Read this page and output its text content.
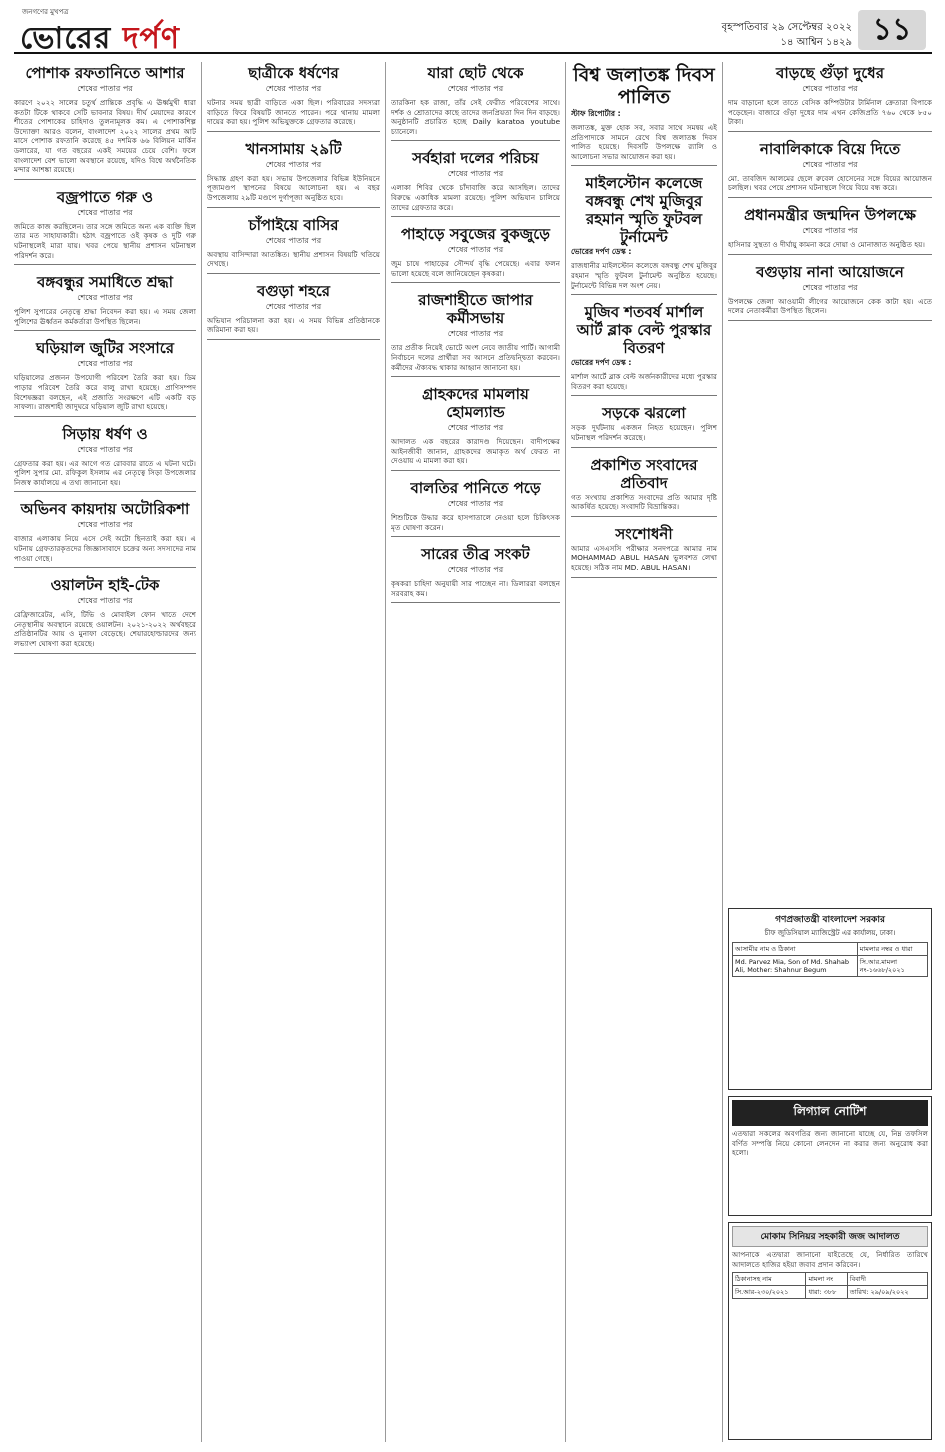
জনগণের মুখপত্র
ভোরের দর্পণ	বৃহস্পতিবার ২৯ সেপ্টেম্বর ২০২২
১৪ আশ্বিন ১৪২৯ ১১
পোশাক রফতানিতে আশার
শেষের পাতার পর
কারণে ২০২২ সালের চতুর্থ প্রান্তিকে প্রবৃদ্ধি এ ঊর্ধ্বমুখী ধারা কতটা টিকে থাকবে সেটি ভাবনার বিষয়। দীর্ঘ মেয়াদের কারণে শীতের পোশাকের চাহিদাও তুলনামূলক কম। এ পোশাকশিল্প উদ্যোক্তা আরও বলেন, বাংলাদেশ ২০২২ সালের প্রথম আট মাসে পোশাক রফতানি করেছে ৪৫ দশমিক ৬৬ বিলিয়ন মার্কিন ডলারের, যা গত বছরের একই সময়ের চেয়ে বেশি। ফলে বাংলাদেশ বেশ ভালো অবস্থানে রয়েছে, যদিও বিশ্বে অর্থনৈতিক মন্দার আশঙ্কা রয়েছে।
বজ্রপাতে গরু ও
শেষের পাতার পর
জমিতে কাজ করছিলেন। তার সঙ্গে জমিতে অন্য এক ব্যক্তি ছিল তার মত সাহায্যকারী। হঠাৎ বজ্রপাতে ওই কৃষক ও দুটি গরু ঘটনাস্থলেই মারা যায়। খবর পেয়ে স্থানীয় প্রশাসন ঘটনাস্থল পরিদর্শন করে।
বঙ্গবন্ধুর সমাধিতে শ্রদ্ধা
শেষের পাতার পর
পুলিশ সুপারের নেতৃত্বে শ্রদ্ধা নিবেদন করা হয়। এ সময় জেলা পুলিশের ঊর্ধ্বতন কর্মকর্তারা উপস্থিত ছিলেন।
ঘড়িয়াল জুটির সংসারে
শেষের পাতার পর
ঘড়িয়ালের প্রজনন উপযোগী পরিবেশ তৈরি করা হয়। ডিম পাড়ার পরিবেশ তৈরি করে বালু রাখা হয়েছে। প্রাণিসম্পদ বিশেষজ্ঞরা বলছেন, এই প্রজাতি সংরক্ষণে এটি একটি বড় সাফল্য। রাজশাহী জাদুঘরে ঘড়িয়াল জুটি রাখা হয়েছে।
সিড়ায় ধর্ষণ ও
শেষের পাতার পর
গ্রেফতার করা হয়। এর আগে গত রোববার রাতে এ ঘটনা ঘটে। পুলিশ সুপার মো. রফিকুল ইসলাম এর নেতৃত্বে সিড়া উপজেলার নিজস্ব কার্যালয়ে এ তথ্য জানানো হয়।
অভিনব কায়দায় অটোরিকশা
শেষের পাতার পর
বাজার এলাকায় নিয়ে এসে সেই অটো ছিনতাই করা হয়। এ ঘটনায় গ্রেফতারকৃতদের জিজ্ঞাসাবাদে চক্রের অন্য সদস্যদের নাম পাওয়া গেছে।
ওয়ালটন হাই-টেক
শেষের পাতার পর
রেফ্রিজারেটর, এসি, টিভি ও মোবাইল ফোন খাতে দেশে নেতৃস্থানীয় অবস্থানে রয়েছে ওয়ালটন। ২০২১-২০২২ অর্থবছরে প্রতিষ্ঠানটির আয় ও মুনাফা বেড়েছে। শেয়ারহোল্ডারদের জন্য লভ্যাংশ ঘোষণা করা হয়েছে।
ছাত্রীকে ধর্ষণের
শেষের পাতার পর
ঘটনার সময় ছাত্রী বাড়িতে একা ছিল। পরিবারের সদস্যরা বাড়িতে ফিরে বিষয়টি জানতে পারেন। পরে থানায় মামলা দায়ের করা হয়। পুলিশ অভিযুক্তকে গ্রেফতার করেছে।
খানসামায় ২৯টি
শেষের পাতার পর
সিদ্ধান্ত গ্রহণ করা হয়। সভায় উপজেলার বিভিন্ন ইউনিয়নে পূজামণ্ডপ স্থাপনের বিষয়ে আলোচনা হয়। এ বছর উপজেলায় ২৯টি মণ্ডপে দুর্গাপূজা অনুষ্ঠিত হবে।
চাঁপাইয়ে বাসির
শেষের পাতার পর
অবস্থায় বাসিন্দারা আতঙ্কিত। স্থানীয় প্রশাসন বিষয়টি খতিয়ে দেখছে।
বগুড়া শহরে
শেষের পাতার পর
অভিযান পরিচালনা করা হয়। এ সময় বিভিন্ন প্রতিষ্ঠানকে জরিমানা করা হয়।
যারা ছোট থেকে
শেষের পাতার পর
তারকিনা হক রাজা, তাঁর সেই ফেরীত পরিবেশের সাথে। দর্শক ও শ্রোতাদের কাছে তাদের জনপ্রিয়তা দিন দিন বাড়ছে। অনুষ্ঠানটি প্রচারিত হচ্ছে Daily karatoa youtube চ্যানেলে।
সর্বহারা দলের পরিচয়
শেষের পাতার পর
এলাকা শিবির থেকে চাঁদাবাজি করে আসছিল। তাদের বিরুদ্ধে একাধিক মামলা রয়েছে। পুলিশ অভিযান চালিয়ে তাদের গ্রেফতার করে।
পাহাড়ে সবুজের বুকজুড়ে
শেষের পাতার পর
জুম চাষে পাহাড়ের সৌন্দর্য বৃদ্ধি পেয়েছে। এবার ফলন ভালো হয়েছে বলে জানিয়েছেন কৃষকরা।
রাজশাহীতে জাপার কর্মীসভায়
শেষের পাতার পর
তার প্রতীক নিয়েই ভোটে অংশ নেবে জাতীয় পার্টি। আগামী নির্বাচনে দলের প্রার্থীরা সব আসনে প্রতিদ্বন্দ্বিতা করবেন। কর্মীদের ঐক্যবদ্ধ থাকার আহ্বান জানানো হয়।
গ্রাহকদের মামলায় হোমল্যান্ড
শেষের পাতার পর
আদালত এক বছরের কারাদণ্ড দিয়েছেন। বাদীপক্ষের আইনজীবী জানান, গ্রাহকদের জমাকৃত অর্থ ফেরত না দেওয়ায় এ মামলা করা হয়।
বালতির পানিতে পড়ে
শেষের পাতার পর
শিশুটিকে উদ্ধার করে হাসপাতালে নেওয়া হলে চিকিৎসক মৃত ঘোষণা করেন।
সারের তীব্র সংকট
শেষের পাতার পর
কৃষকরা চাহিদা অনুযায়ী সার পাচ্ছেন না। ডিলাররা বলছেন সরবরাহ কম।
বিশ্ব জলাতঙ্ক দিবস পালিত
স্টাফ রিপোর্টার :
জলাতঙ্ক, মুক্ত হোক সব, সবার সাথে সমন্বয় এই প্রতিপাদ্যকে সামনে রেখে বিশ্ব জলাতঙ্ক দিবস পালিত হয়েছে। দিবসটি উপলক্ষে র‍্যালি ও আলোচনা সভার আয়োজন করা হয়।
মাইলস্টোন কলেজে বঙ্গবন্ধু শেখ মুজিবুর রহমান স্মৃতি ফুটবল টুর্নামেন্ট
ভোরের দর্পণ ডেস্ক :
রাজধানীর মাইলস্টোন কলেজে বঙ্গবন্ধু শেখ মুজিবুর রহমান স্মৃতি ফুটবল টুর্নামেন্ট অনুষ্ঠিত হয়েছে। টুর্নামেন্টে বিভিন্ন দল অংশ নেয়।
মুজিব শতবর্ষ মার্শাল আর্ট ব্লাক বেল্ট পুরস্কার বিতরণ
ভোরের দর্পণ ডেস্ক :
মার্শাল আর্টে ব্লাক বেল্ট অর্জনকারীদের মধ্যে পুরস্কার বিতরণ করা হয়েছে।
সড়কে ঝরলো
সড়ক দুর্ঘটনায় একজন নিহত হয়েছেন। পুলিশ ঘটনাস্থল পরিদর্শন করেছে।
প্রকাশিত সংবাদের প্রতিবাদ
গত সংখ্যায় প্রকাশিত সংবাদের প্রতি আমার দৃষ্টি আকর্ষিত হয়েছে। সংবাদটি বিভ্রান্তিকর।
সংশোধনী
আমার এসএসসি পরীক্ষার সনদপত্রে আমার নাম MOHAMMAD ABUL HASAN ভুলবশত লেখা হয়েছে। সঠিক নাম MD. ABUL HASAN।
বাড়ছে গুঁড়া দুধের
শেষের পাতার পর
দাম বাড়ানো হলে তাতে বেসিক কম্পিউটার টার্মিনাল ক্রেতারা বিপাকে পড়েছেন। বাজারে গুঁড়া দুধের দাম এখন কেজিপ্রতি ৭৬০ থেকে ৮৫০ টাকা।
নাবালিকাকে বিয়ে দিতে
শেষের পাতার পর
মো. তাবজিদ আলমের ছেলে রুবেল হোসেনের সঙ্গে বিয়ের আয়োজন চলছিল। খবর পেয়ে প্রশাসন ঘটনাস্থলে গিয়ে বিয়ে বন্ধ করে।
প্রধানমন্ত্রীর জন্মদিন উপলক্ষে
শেষের পাতার পর
হাসিনার সুস্থতা ও দীর্ঘায়ু কামনা করে দোয়া ও মোনাজাত অনুষ্ঠিত হয়।
বগুড়ায় নানা আয়োজনে
শেষের পাতার পর
উপলক্ষে জেলা আওয়ামী লীগের আয়োজনে কেক কাটা হয়। এতে দলের নেতাকর্মীরা উপস্থিত ছিলেন।
গণপ্রজাতন্ত্রী বাংলাদেশ সরকার
চীফ জুডিসিয়াল ম্যাজিস্ট্রেট এর কার্যালয়, ঢাকা।
আসামীর নাম ও ঠিকানা	মামলার নম্বর ও ধারা
Md. Parvez Mia, Son of Md. Shahab Ali, Mother: Shahnur Begum	সি.আর.মামলা নং-১৬৬৮/২০২১
লিগ্যাল নোটিশ
এতদ্বারা সকলের অবগতির জন্য জানানো যাচ্ছে যে, নিম্ন তফসিল বর্ণিত সম্পত্তি নিয়ে কোনো লেনদেন না করার জন্য অনুরোধ করা হলো।
মোকাম সিনিয়র সহকারী জজ আদালত
আপনাকে এতদ্বারা জানানো যাইতেছে যে, নির্ধারিত তারিখে আদালতে হাজির হইয়া জবাব প্রদান করিবেন।
ঠিকানাসহ নাম	মামলা নং	বিবাদী
সি.আর-২৩০/২০২১	ধারা: ৩৮৮	তারিখ: ২৯/০৯/২০২২
